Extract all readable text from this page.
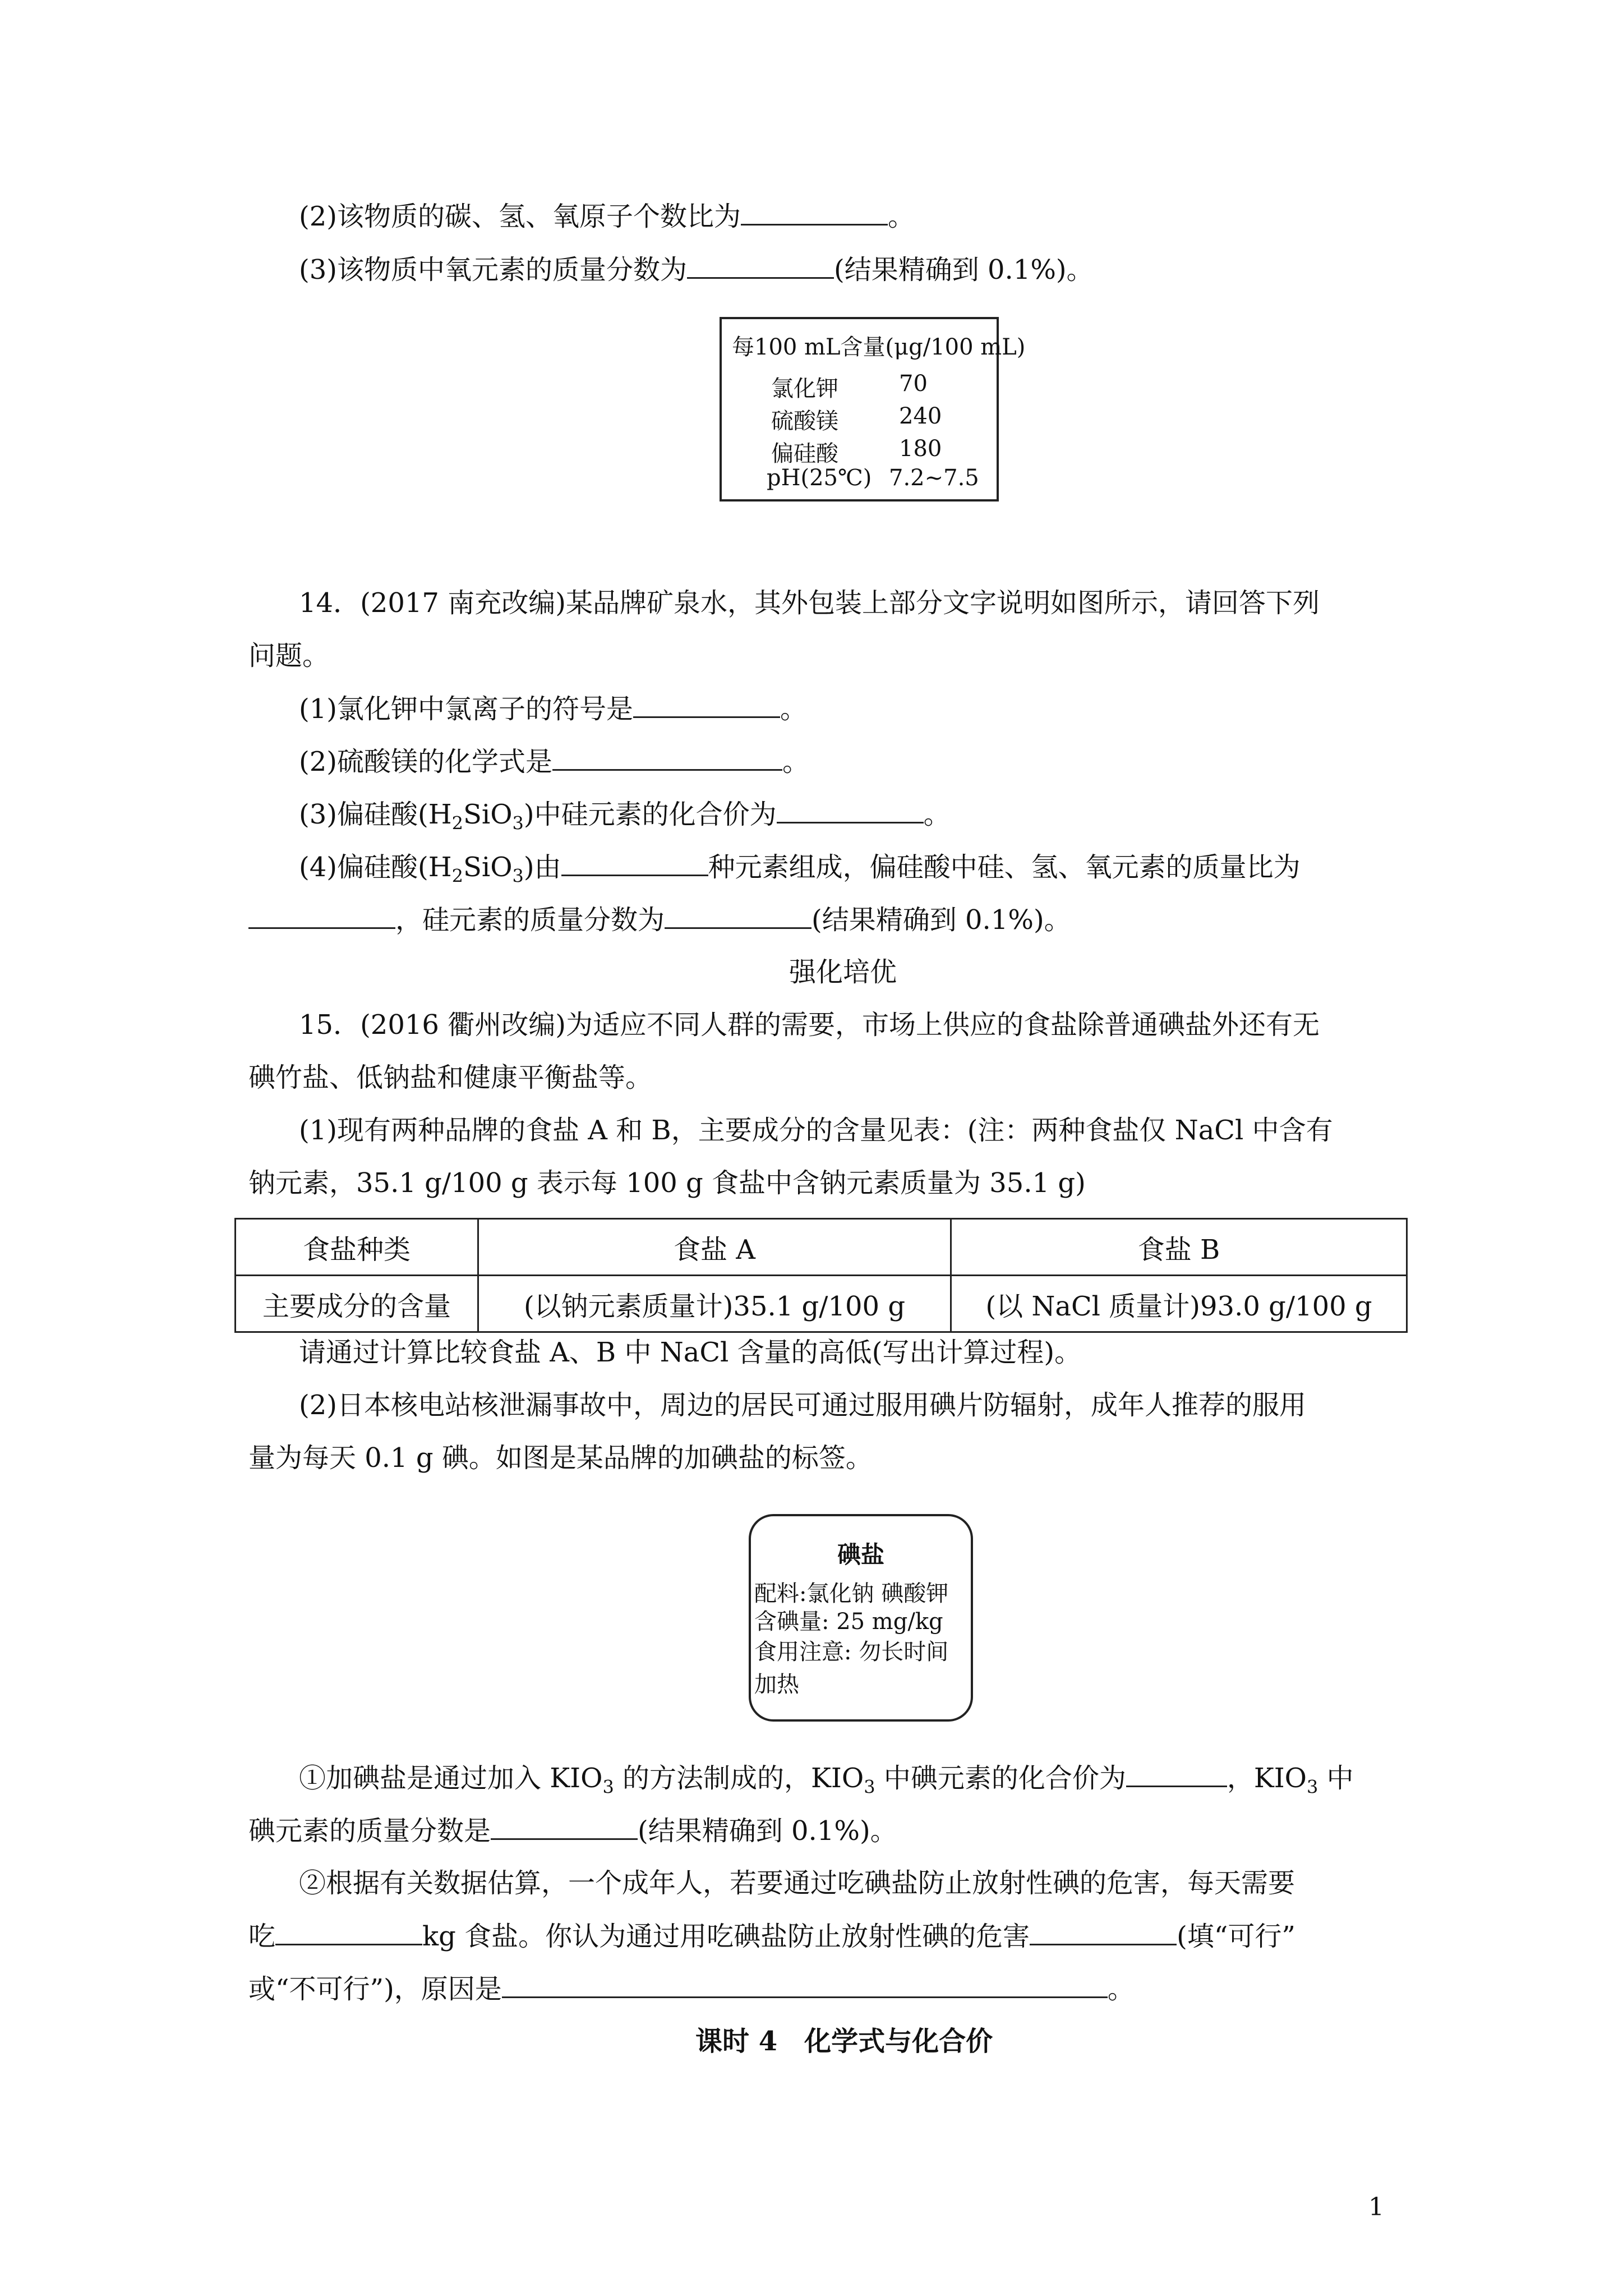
(2)该物质的碳、氢、氧原子个数比为	。
(3)该物质中氧元素的质量分数为	(结果精确到 0.1%)。
每100 mL含量(μg/100 mL)
氯化钾	70
硫酸镁	240
偏硅酸	180
pH(25℃) 7.2~7.5
14．(2017 南充改编)某品牌矿泉水，其外包装上部分文字说明如图所示，请回答下列
问题。
(1)氯化钾中氯离子的符号是	。
(2)硫酸镁的化学式是	。
(3)偏硅酸$(H_2SiO_3)$中硅元素的化合价为	。
(4)偏硅酸$(H_2SiO_3)$由	种元素组成，偏硅酸中硅、氢、氧元素的质量比为
，硅元素的质量分数为	(结果精确到 0.1%)。
强化培优
15．(2016 衢州改编)为适应不同人群的需要，市场上供应的食盐除普通碘盐外还有无
碘竹盐、低钠盐和健康平衡盐等。
(1)现有两种品牌的食盐 A 和 B，主要成分的含量见表：(注：两种食盐仅 NaCl 中含有
钠元素，35.1 g/100 g 表示每 100 g 食盐中含钠元素质量为 35.1 g)
食盐种类	食盐 A	食盐 B
主要成分的含量	(以钠元素质量计)35.1 g/100 g	(以 NaCl 质量计)93.0 g/100 g
请通过计算比较食盐 A、B 中 NaCl 含量的高低(写出计算过程)。
(2)日本核电站核泄漏事故中，周边的居民可通过服用碘片防辐射，成年人推荐的服用
量为每天 0.1 g 碘。如图是某品牌的加碘盐的标签。
碘盐
配料:氯化钠 碘酸钾
含碘量: 25 mg/kg
食用注意: 勿长时间
加热
①加碘盐是通过加入 $KIO_3$ 的方法制成的，$KIO_3$ 中碘元素的化合价为	，$KIO_3$ 中
碘元素的质量分数是	(结果精确到 0.1%)。
②根据有关数据估算，一个成年人，若要通过吃碘盐防止放射性碘的危害，每天需要
吃	kg 食盐。你认为通过用吃碘盐防止放射性碘的危害	(填“可行”
或“不可行”)，原因是	。
课时 4　化学式与化合价
1
